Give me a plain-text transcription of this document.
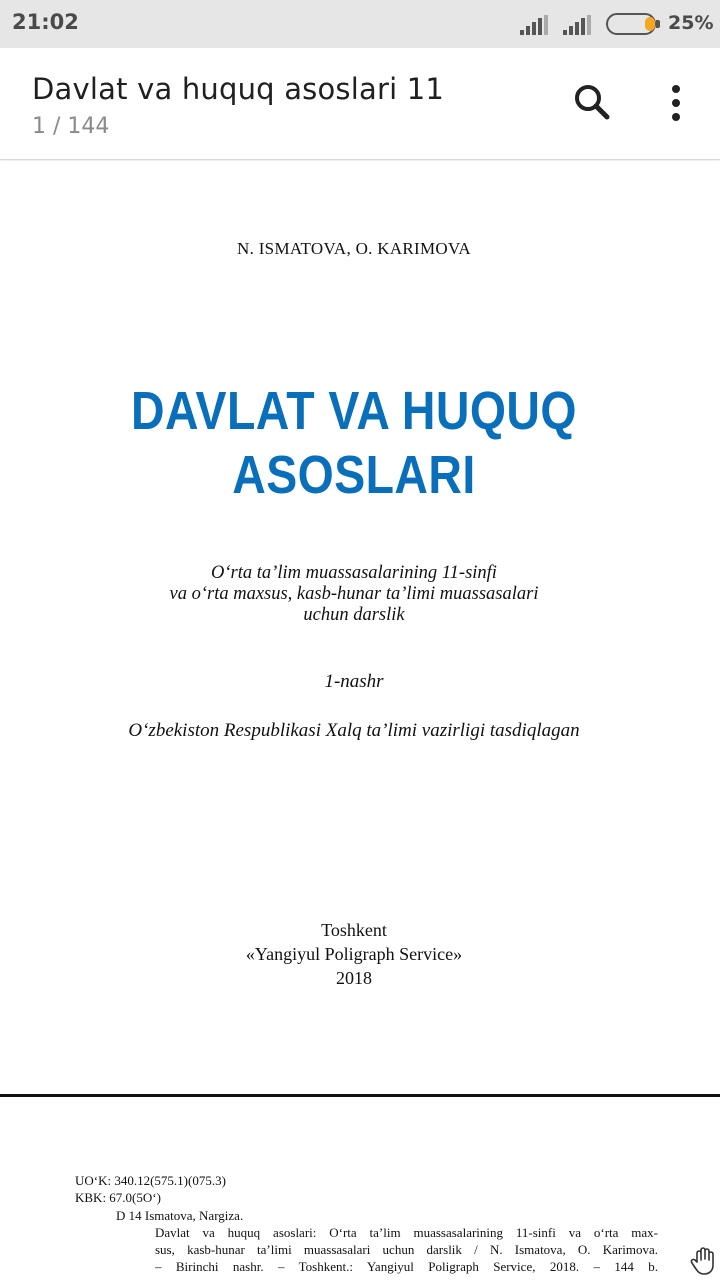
21:02	25%
Davlat va huquq asoslari 11
1 / 144
N. ISMATOVA, O. KARIMOVA
DAVLAT VA HUQUQ
ASOSLARI
O‘rta ta’lim muassasalarining 11-sinfi
va o‘rta maxsus, kasb-hunar ta’limi muassasalari
uchun darslik
1-nashr
O‘zbekiston Respublikasi Xalq ta’limi vazirligi tasdiqlagan
Toshkent
«Yangiyul Poligraph Service»
2018
UO‘K: 340.12(575.1)(075.3)
KBK: 67.0(5O‘)
D 14 Ismatova, Nargiza.
Davlat va huquq asoslari: O‘rta ta’lim muassasalarining 11-sinfi va o‘rta max-
sus, kasb-hunar ta’limi muassasalari uchun darslik / N. Ismatova, O. Karimova.
– Birinchi nashr. – Toshkent.: Yangiyul Poligraph Service, 2018. – 144 b.
